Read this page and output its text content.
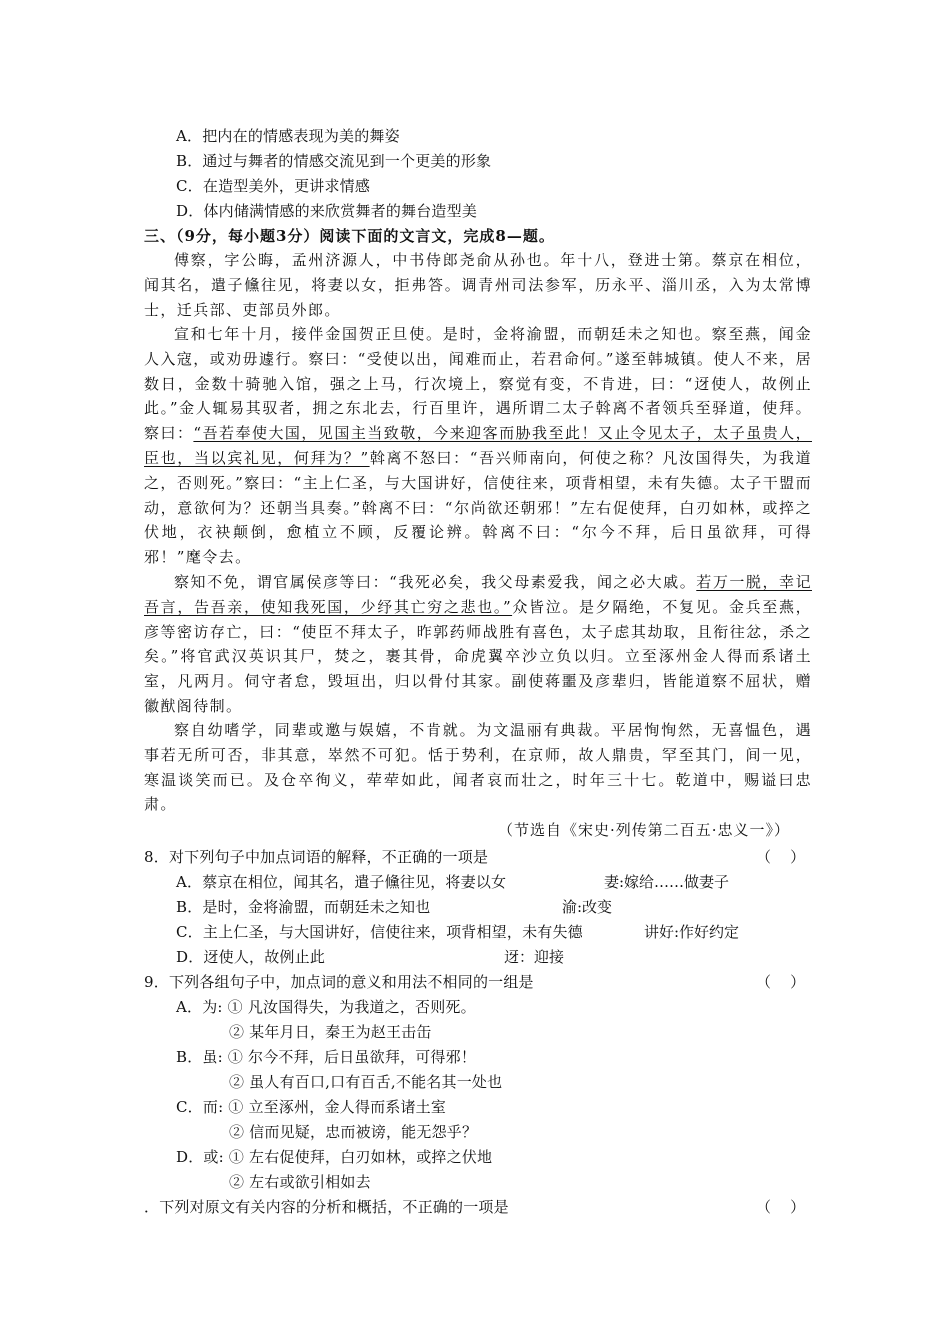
A．把内在的情感表现为美的舞姿
B．通过与舞者的情感交流见到一个更美的形象
C．在造型美外，更讲求情感
D．体内储满情感的来欣赏舞者的舞台造型美
三、（9分，每小题3分）阅读下面的文言文，完成8—题。
傅察，字公晦，孟州济源人，中书侍郎尧俞从孙也。年十八，登进士第。蔡京在相位，闻其名，遣子儵往见，将妻以女，拒弗答。调青州司法参军，历永平、淄川丞，入为太常博士，迁兵部、吏部员外郎。
宣和七年十月，接伴金国贺正旦使。是时，金将渝盟，而朝廷未之知也。察至燕，闻金人入寇，或劝毋遽行。察曰：“受使以出，闻难而止，若君命何。”遂至韩城镇。使人不来，居数日，金数十骑驰入馆，强之上马，行次境上，察觉有变，不肯进，曰：“迓使人，故例止此。”金人辄易其驭者，拥之东北去，行百里许，遇所谓二太子斡离不者领兵至驿道，使拜。察曰：“吾若奉使大国，见国主当致敬，今来迎客而胁我至此！又止令见太子，太子虽贵人，臣也，当以宾礼见，何拜为？”斡离不怒曰：“吾兴师南向，何使之称？凡汝国得失，为我道之，否则死。”察曰：“主上仁圣，与大国讲好，信使往来，项背相望，未有失德。太子干盟而动，意欲何为？还朝当具奏。”斡离不曰：“尔尚欲还朝邪！”左右促使拜，白刃如林，或捽之伏地，衣袂颠倒，愈植立不顾，反覆论辨。斡离不曰：“尔今不拜，后日虽欲拜，可得邪！”麾令去。
察知不免，谓官属侯彦等曰：“我死必矣，我父母素爱我，闻之必大戚。若万一脱，幸记吾言，告吾亲，使知我死国，少纾其亡穷之悲也。”众皆泣。是夕隔绝，不复见。金兵至燕，彦等密访存亡，曰：“使臣不拜太子，昨郭药师战胜有喜色，太子虑其劫取，且衔往忿，杀之矣。”将官武汉英识其尸，焚之，裹其骨，命虎翼卒沙立负以归。立至涿州金人得而系诸土室，凡两月。伺守者怠，毁垣出，归以骨付其家。副使蒋噩及彦辈归，皆能道察不屈状，赠徽猷阁待制。
察自幼嗜学，同辈或邀与娱嬉，不肯就。为文温丽有典裁。平居恂恂然，无喜愠色，遇事若无所可否，非其意，崒然不可犯。恬于势利，在京师，故人鼎贵，罕至其门，间一见，寒温谈笑而已。及仓卒徇义，荦荦如此，闻者哀而壮之，时年三十七。乾道中，赐谥曰忠肃。
（节选自《宋史·列传第二百五·忠义一》）
8．对下列句子中加点词语的解释，不正确的一项是	（    ）
A．蔡京在相位，闻其名，遣子儵往见，将妻以女	妻:嫁给……做妻子
B．是时，金将渝盟，而朝廷未之知也	渝:改变
C．主上仁圣，与大国讲好，信使往来，项背相望，未有失德	讲好:作好约定
D．迓使人，故例止此	迓：迎接
9．下列各组句子中，加点词的意义和用法不相同的一组是	（    ）
A．为: ① 凡汝国得失，为我道之，否则死。
② 某年月日，秦王为赵王击缶
B．虽: ① 尔今不拜，后日虽欲拜，可得邪！
② 虽人有百口,口有百舌,不能名其一处也
C．而: ① 立至涿州，金人得而系诸土室
② 信而见疑，忠而被谤，能无怨乎？
D．或: ① 左右促使拜，白刃如林，或捽之伏地
② 左右或欲引相如去
．下列对原文有关内容的分析和概括，不正确的一项是	（    ）
